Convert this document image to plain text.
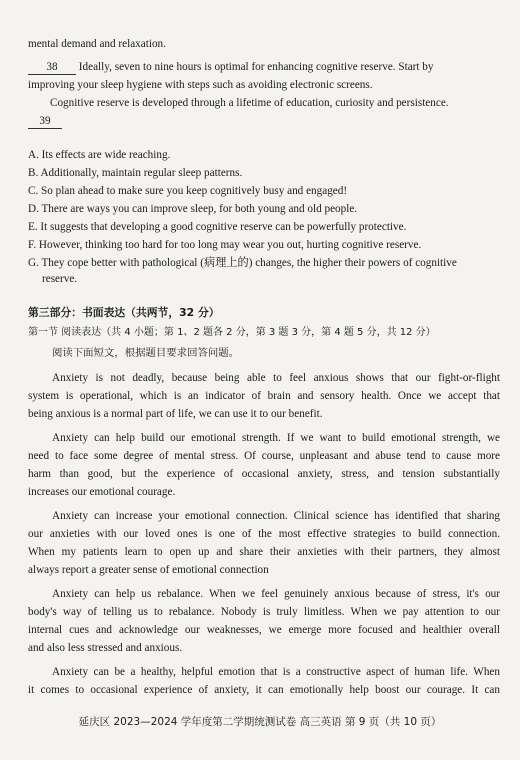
mental demand and relaxation.
38 Ideally, seven to nine hours is optimal for enhancing cognitive reserve. Start by
improving your sleep hygiene with steps such as avoiding electronic screens.
Cognitive reserve is developed through a lifetime of education, curiosity and persistence.
39
A. Its effects are wide reaching.
B. Additionally, maintain regular sleep patterns.
C. So plan ahead to make sure you keep cognitively busy and engaged!
D. There are ways you can improve sleep, for both young and old people.
E. It suggests that developing a good cognitive reserve can be powerfully protective.
F. However, thinking too hard for too long may wear you out, hurting cognitive reserve.
G. They cope better with pathological (病理上的) changes, the higher their powers of cognitive
reserve.
第三部分：书面表达（共两节，32 分）
第一节 阅读表达（共 4 小题；第 1、2 题各 2 分，第 3 题 3 分，第 4 题 5 分，共 12 分）
阅读下面短文，根据题目要求回答问题。
Anxiety is not deadly, because being able to feel anxious shows that our fight-or-flight
system is operational, which is an indicator of brain and sensory health. Once we accept that
being anxious is a normal part of life, we can use it to our benefit.
Anxiety can help build our emotional strength. If we want to build emotional strength, we
need to face some degree of mental stress. Of course, unpleasant and abuse tend to cause more
harm than good, but the experience of occasional anxiety, stress, and tension substantially
increases our emotional courage.
Anxiety can increase your emotional connection. Clinical science has identified that sharing
our anxieties with our loved ones is one of the most effective strategies to build connection.
When my patients learn to open up and share their anxieties with their partners, they almost
always report a greater sense of emotional connection
Anxiety can help us rebalance. When we feel genuinely anxious because of stress, it's our
body's way of telling us to rebalance. Nobody is truly limitless. When we pay attention to our
internal cues and acknowledge our weaknesses, we emerge more focused and healthier overall
and also less stressed and anxious.
Anxiety can be a healthy, helpful emotion that is a constructive aspect of human life. When
it comes to occasional experience of anxiety, it can emotionally help boost our courage. It can
延庆区 2023—2024 学年度第二学期统测试卷 高三英语 第 9 页（共 10 页）
